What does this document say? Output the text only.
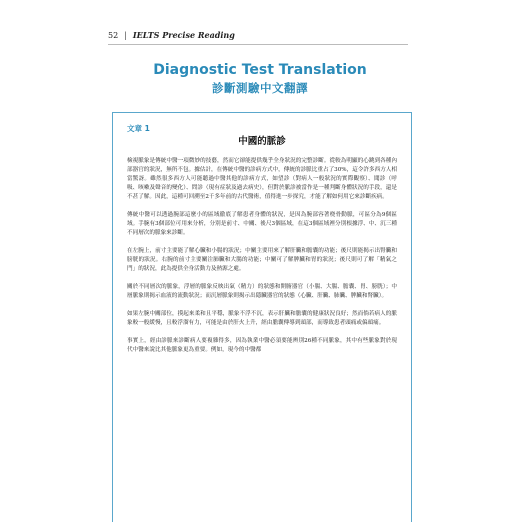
52 | IELTS Precise Reading
Diagnostic Test Translation
診斷測驗中文翻譯
文章 1
中國的脈診

檢視脈象是傳統中醫一項微妙的技藝，然而它卻能提供幾乎全身狀況的完整診斷。從較為明顯的心跳到各種內部器官的狀況，無所不包。據估計，在傳統中醫的診病方式中，傳統的診脈比重占了30%，這令許多西方人相當驚訝。雖然很多西方人可能聽過中醫其他的診病方式，如望診（對病人一般狀況的實際觀察）、聞診（呼吸、咳嗽及聲音的變化）、問診（現有症狀及過去病史），但對於脈診被當作是一種判斷身體狀況的手段，還是不甚了解。因此，這種可回溯至2千多年前的古代醫術，值得進一步探究，才能了解如何用它來診斷疾病。

傳統中醫可以透過腕部這麼小的區域徹底了解患者身體的狀況，是因為腕部容著桡骨動脈，可區分為9個區域。手腕有3個部位可用來分析，分別是前寸、中關、後尺3個區域，在這3個區域裡分別根據浮、中、沉三種不同層次的脈象來診斷。

在左腕上，前寸主要能了解心臟和小腸的狀況；中關主要用來了解肝臟和膽囊的功能；後尺則能揭示出腎臟和膀胱的狀況。右腕的前寸主要關注肺臟和大腸的功能；中關可了解脾臟和胃的狀況；後尺則可了解「精氣之門」的狀況，此為提供全身活動力及熱源之處。

關於不同層次的脈象，浮層的脈象反映出氣（精力）的狀態和開腑器官（小腸、大腸、膽囊、胃、膀胱）；中層脈象則揭示血液的流動狀況；而沉層脈象則揭示出隱臟器官的狀態（心臟、肝臟、肺臟、脾臟和腎臟）。

如果左腕中關部位，摸起來柔和且平穩，脈象不浮不沉，表示肝臟和膽囊的健康狀況良好；然而倘若病人的脈象較一般緩慢，且較浮溜有力，可能是由於肝火上升，經由膽囊傳導到頭部，而導致患者頭痛或偏頭痛。

事實上，經由診脈來診斷病人要複雜得多，因為執業中醫必須要能辨別26種不同脈象，其中有些脈象對於現代中醫來說比其他脈象更為重要。例如，現今的中醫都
